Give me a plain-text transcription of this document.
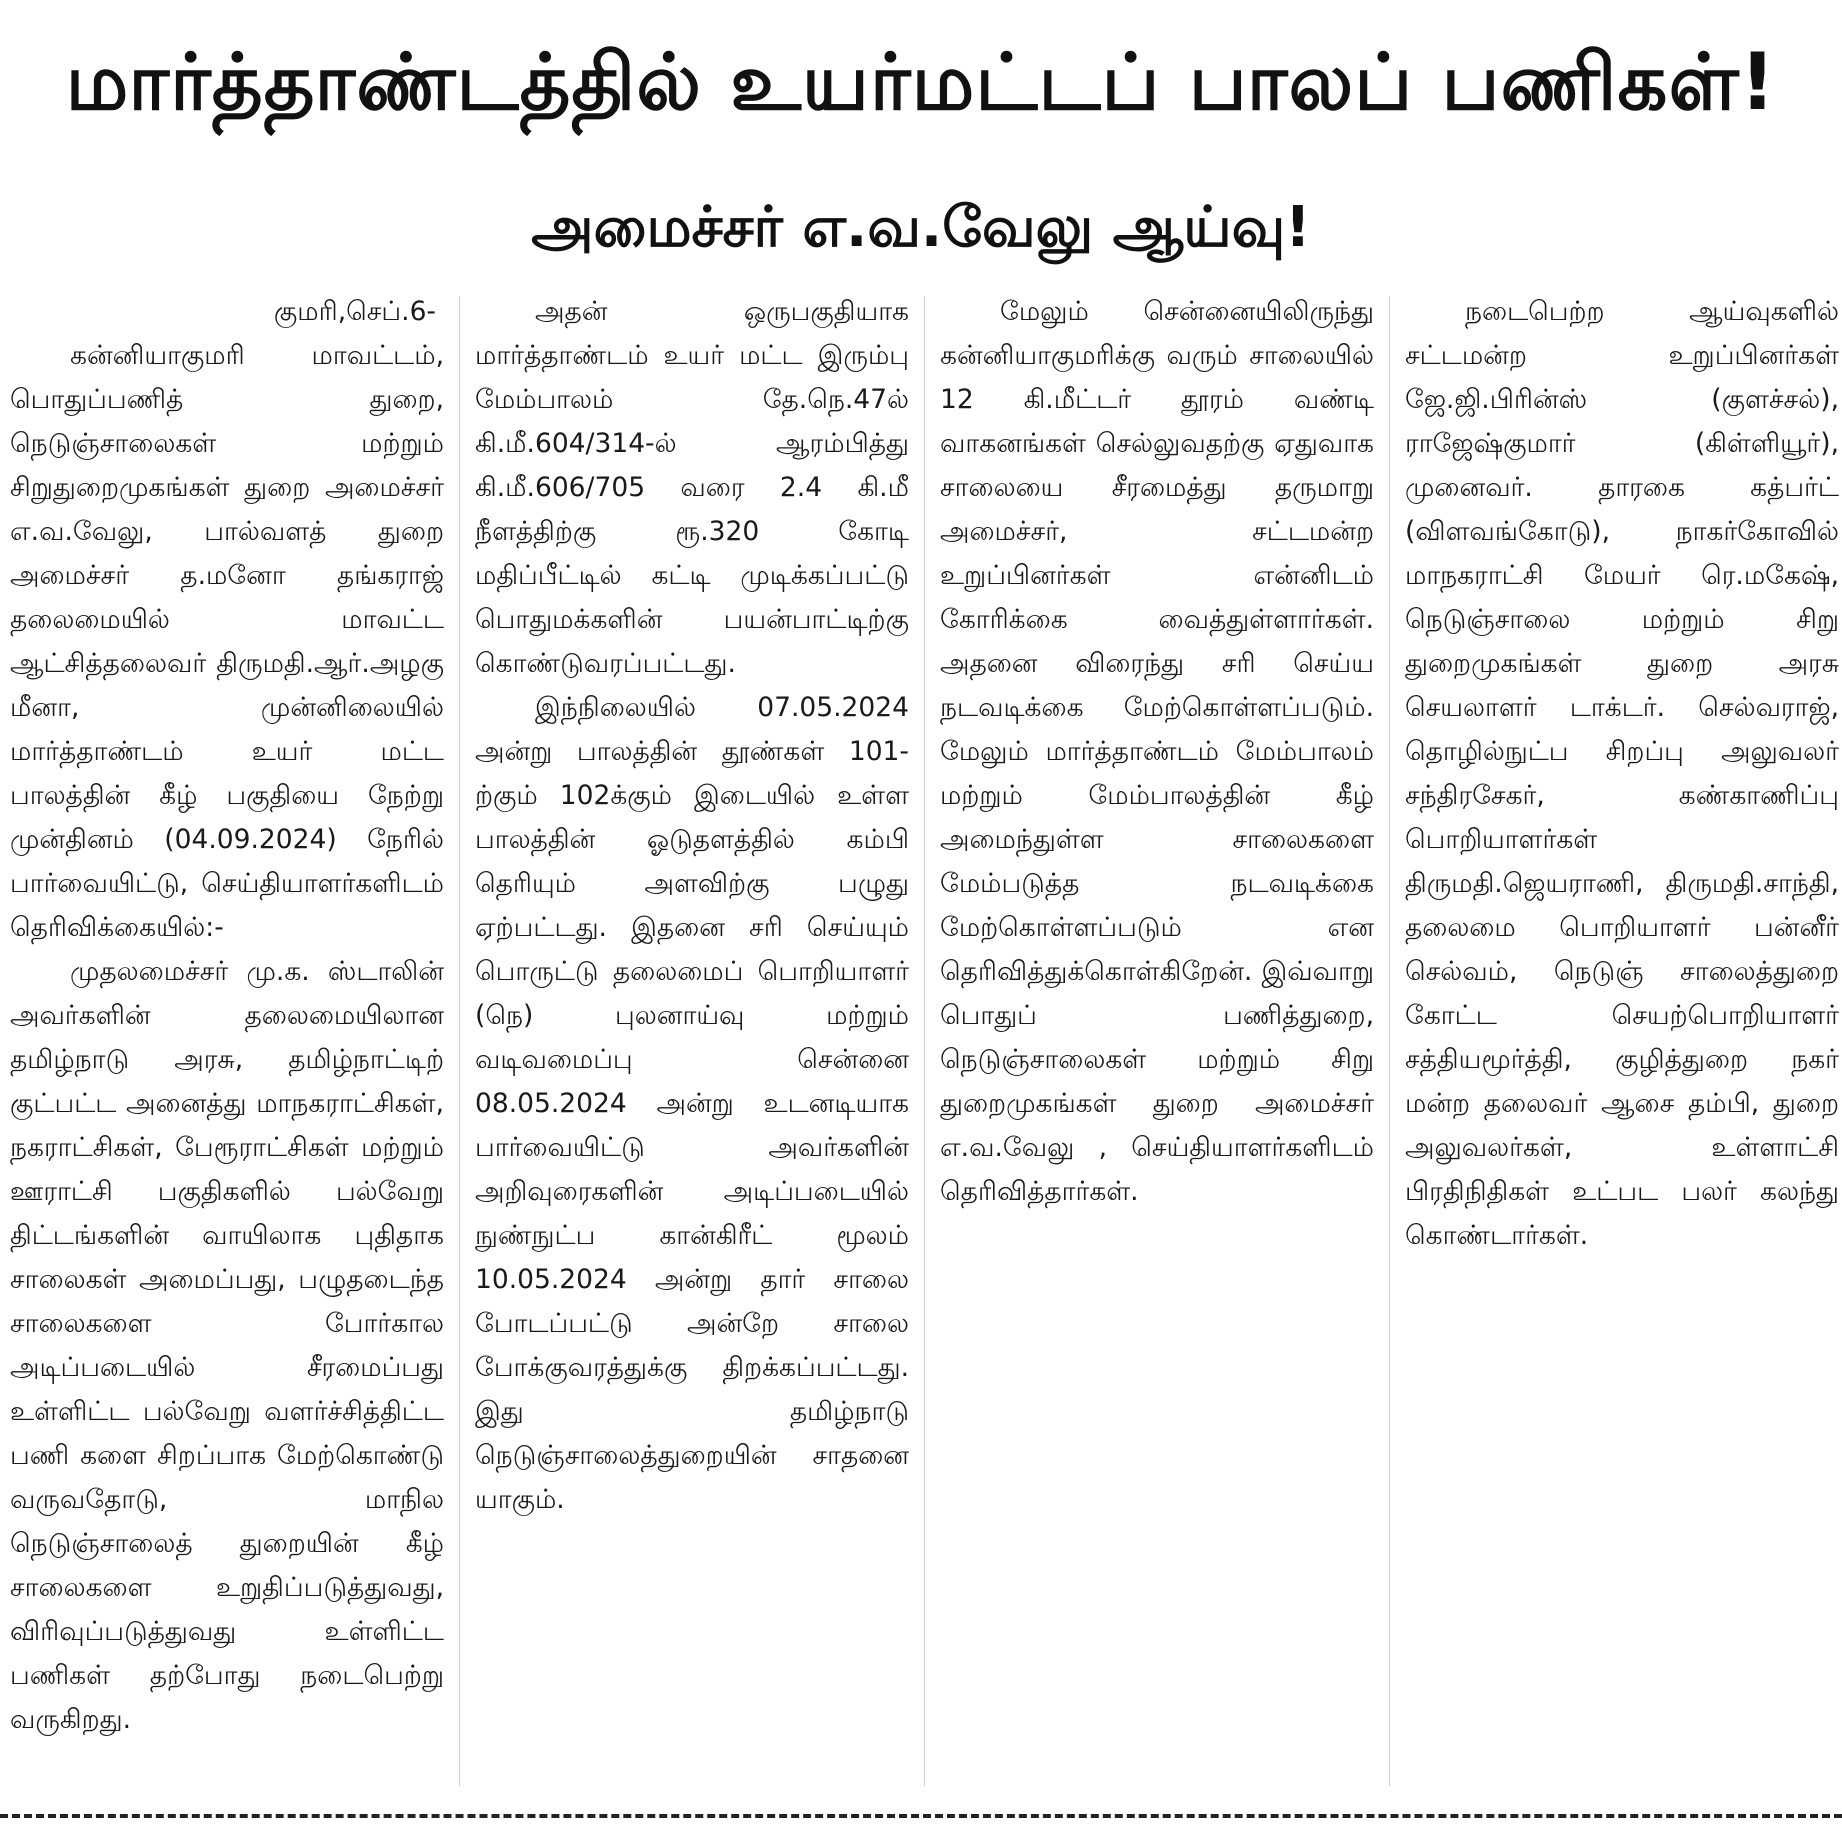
மார்த்தாண்டத்தில் உயர்மட்டப் பாலப் பணிகள்!
அமைச்சர் எ.வ.வேலு ஆய்வு!

குமரி,செப்.6-

கன்னியாகுமரி மாவட்டம், பொதுப்பணித் துறை, நெடுஞ்சாலைகள் மற்றும் சிறுதுறைமுகங்கள் துறை அமைச்சர் எ.வ.வேலு, பால்வளத் துறை அமைச்சர் த.மனோ தங்கராஜ் தலைமையில் மாவட்ட ஆட்சித்தலைவர் திருமதி.ஆர்.அழகு மீனா, முன்னிலையில் மார்த்தாண்டம் உயர் மட்ட பாலத்தின் கீழ் பகுதியை நேற்று முன்தினம் (04.09.2024) நேரில் பார்வையிட்டு, செய்தியாளர்களிடம் தெரிவிக்கையில்:-

முதலமைச்சர் மு.க. ஸ்டாலின் அவர்களின் தலைமையிலான தமிழ்நாடு அரசு, தமிழ்நாட்டிற் குட்பட்ட அனைத்து மாநகராட்சிகள், நகராட்சிகள், பேரூராட்சிகள் மற்றும் ஊராட்சி பகுதிகளில் பல்வேறு திட்டங்களின் வாயிலாக புதிதாக சாலைகள் அமைப்பது, பழுதடைந்த சாலைகளை போர்கால அடிப்படையில் சீரமைப்பது உள்ளிட்ட பல்வேறு வளர்ச்சித்திட்ட பணி களை சிறப்பாக மேற்கொண்டு வருவதோடு, மாநில நெடுஞ்சாலைத் துறையின் கீழ் சாலைகளை உறுதிப்படுத்துவது, விரிவுப்படுத்துவது உள்ளிட்ட பணிகள் தற்போது நடைபெற்று வருகிறது.

அதன் ஒருபகுதியாக மார்த்தாண்டம் உயர் மட்ட இரும்பு மேம்பாலம் தே.நெ.47ல் கி.மீ.604/314-ல் ஆரம்பித்து கி.மீ.606/705 வரை 2.4 கி.மீ நீளத்திற்கு ரூ.320 கோடி மதிப்பீட்டில் கட்டி முடிக்கப்பட்டு பொதுமக்களின் பயன்பாட்டிற்கு கொண்டுவரப்பட்டது.

இந்நிலையில் 07.05.2024 அன்று பாலத்தின் தூண்கள் 101-ற்கும் 102க்கும் இடையில் உள்ள பாலத்தின் ஓடுதளத்தில் கம்பி தெரியும் அளவிற்கு பழுது ஏற்பட்டது. இதனை சரி செய்யும் பொருட்டு தலைமைப் பொறியாளர் (நெ) புலனாய்வு மற்றும் வடிவமைப்பு சென்னை 08.05.2024 அன்று உடனடியாக பார்வையிட்டு அவர்களின் அறிவுரைகளின் அடிப்படையில் நுண்நுட்ப கான்கிரீட் மூலம் 10.05.2024 அன்று தார் சாலை போடப்பட்டு அன்றே சாலை போக்குவரத்துக்கு திறக்கப்பட்டது. இது தமிழ்நாடு நெடுஞ்சாலைத்துறையின் சாதனை யாகும்.

மேலும் சென்னையிலிருந்து கன்னியாகுமரிக்கு வரும் சாலையில் 12 கி.மீட்டர் தூரம் வண்டி வாகனங்கள் செல்லுவதற்கு ஏதுவாக சாலையை சீரமைத்து தருமாறு அமைச்சர், சட்டமன்ற உறுப்பினர்கள் என்னிடம் கோரிக்கை வைத்துள்ளார்கள். அதனை விரைந்து சரி செய்ய நடவடிக்கை மேற்கொள்ளப்படும். மேலும் மார்த்தாண்டம் மேம்பாலம் மற்றும் மேம்பாலத்தின் கீழ் அமைந்துள்ள சாலைகளை மேம்படுத்த நடவடிக்கை மேற்கொள்ளப்படும் என தெரிவித்துக்கொள்கிறேன். இவ்வாறு பொதுப் பணித்துறை, நெடுஞ்சாலைகள் மற்றும் சிறு துறைமுகங்கள் துறை அமைச்சர் எ.வ.வேலு , செய்தியாளர்களிடம் தெரிவித்தார்கள்.

நடைபெற்ற ஆய்வுகளில் சட்டமன்ற உறுப்பினர்கள் ஜே.ஜி.பிரின்ஸ் (குளச்சல்), ராஜேஷ்குமார் (கிள்ளியூர்), முனைவர். தாரகை கத்பர்ட் (விளவங்கோடு), நாகர்கோவில் மாநகராட்சி மேயர் ரெ.மகேஷ், நெடுஞ்சாலை மற்றும் சிறு துறைமுகங்கள் துறை அரசு செயலாளர் டாக்டர். செல்வராஜ், தொழில்நுட்ப சிறப்பு அலுவலர் சந்திரசேகர், கண்காணிப்பு பொறியாளர்கள் திருமதி.ஜெயராணி, திருமதி.சாந்தி, தலைமை பொறியாளர் பன்னீர் செல்வம், நெடுஞ் சாலைத்துறை கோட்ட செயற்பொறியாளர் சத்தியமூர்த்தி, குழித்துறை நகர் மன்ற தலைவர் ஆசை தம்பி, துறை அலுவலர்கள், உள்ளாட்சி பிரதிநிதிகள் உட்பட பலர் கலந்து கொண்டார்கள்.
